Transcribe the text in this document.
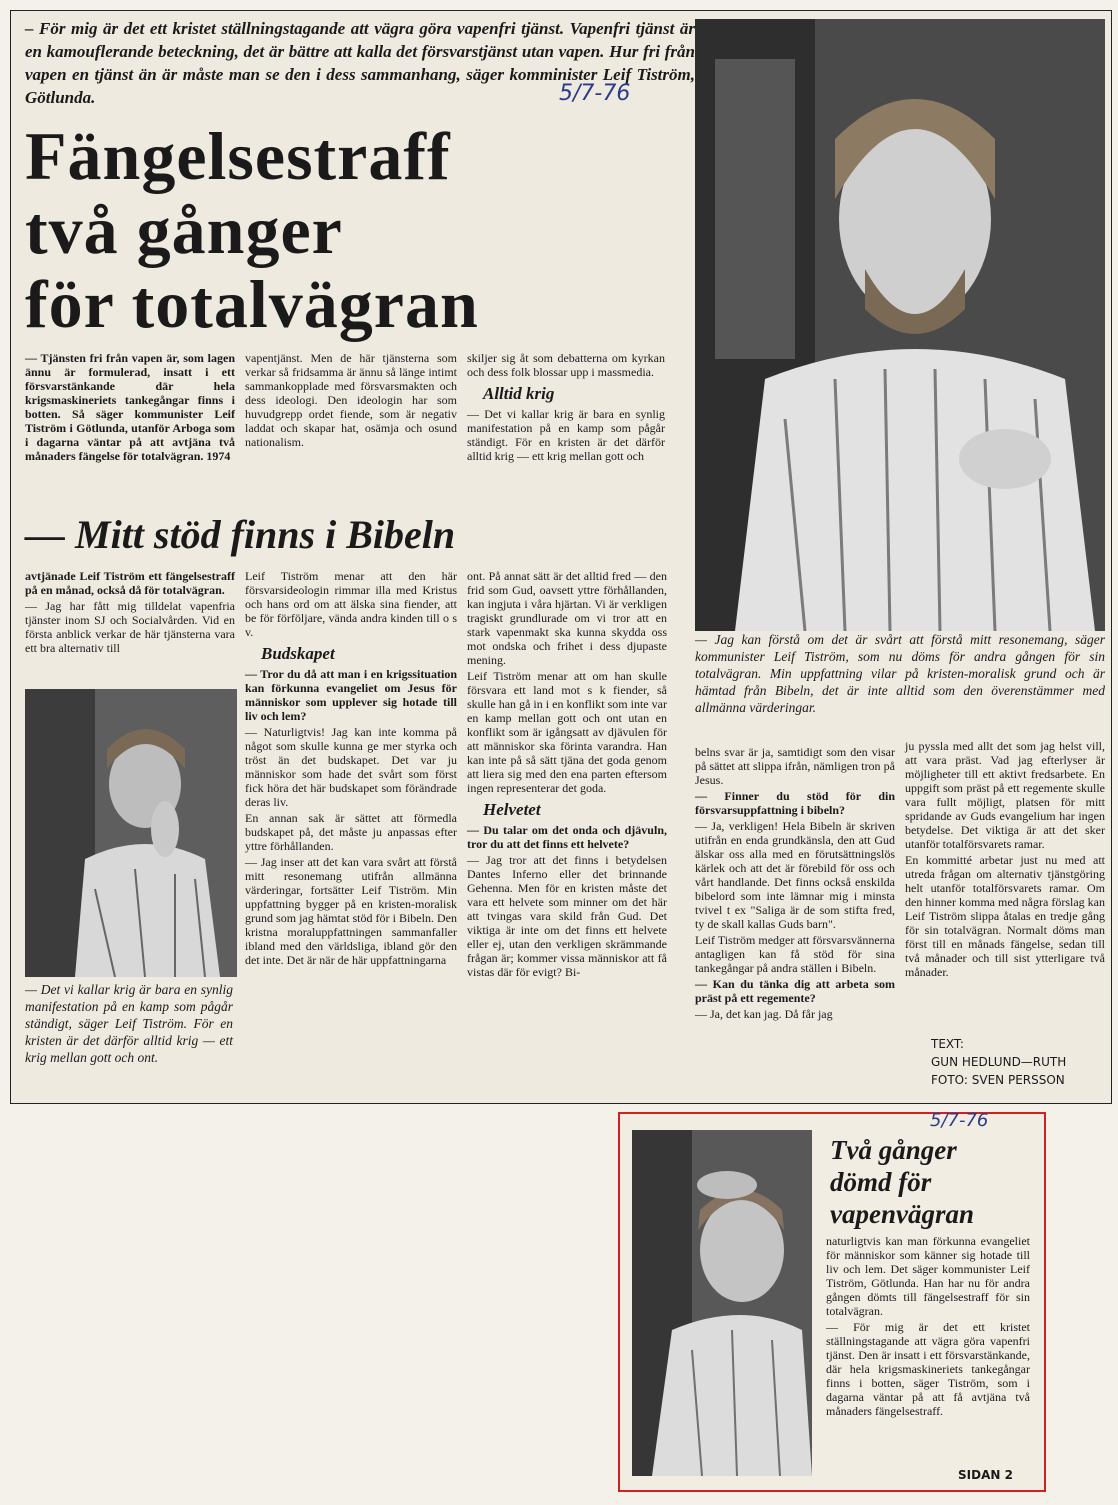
– För mig är det ett kristet ställningstagande att vägra göra vapenfri tjänst. Vapenfri tjänst är en kamouflerande beteckning, det är bättre att kalla det försvarstjänst utan vapen. Hur fri från vapen en tjänst än är måste man se den i dess sammanhang, säger komminister Leif Tiström, Götlunda.	5/7-76
Fängelsestraff
två gånger
för totalvägran

— Tjänsten fri från vapen är, som lagen ännu är formulerad, insatt i ett försvarstänkande där hela krigsmaskineriets tankegångar finns i botten. Så säger kommunister Leif Tiström i Götlunda, utanför Arboga som i dagarna väntar på att avtjäna två månaders fängelse för totalvägran. 1974

vapentjänst. Men de här tjänsterna som verkar så fridsamma är ännu så länge intimt sammankopplade med försvarsmakten och dess ideologi. Den ideologin har som huvudgrepp ordet fiende, som är negativ laddat och skapar hat, osämja och osund nationalism.

skiljer sig åt som debatterna om kyrkan och dess folk blossar upp i massmedia.

Alltid krig

— Det vi kallar krig är bara en synlig manifestation på en kamp som pågår ständigt. För en kristen är det därför alltid krig — ett krig mellan gott och

— Mitt stöd finns i Bibeln

avtjänade Leif Tiström ett fängelsestraff på en månad, också då för totalvägran.

— Jag har fått mig tilldelat vapenfria tjänster inom SJ och Socialvården. Vid en första anblick verkar de här tjänsterna vara ett bra alternativ till

— Det vi kallar krig är bara en synlig manifestation på en kamp som pågår ständigt, säger Leif Tiström. För en kristen är det därför alltid krig — ett krig mellan gott och ont.

Leif Tiström menar att den här försvarsideologin rimmar illa med Kristus och hans ord om att älska sina fiender, att be för förföljare, vända andra kinden till o s v.

Budskapet

— Tror du då att man i en krigssituation kan förkunna evangeliet om Jesus för människor som upplever sig hotade till liv och lem?

— Naturligtvis! Jag kan inte komma på något som skulle kunna ge mer styrka och tröst än det budskapet. Det var ju människor som hade det svårt som först fick höra det här budskapet som förändrade deras liv.

En annan sak är sättet att förmedla budskapet på, det måste ju anpassas efter yttre förhållanden.

— Jag inser att det kan vara svårt att förstå mitt resonemang utifrån allmänna värderingar, fortsätter Leif Tiström. Min uppfattning bygger på en kristen-moralisk grund som jag hämtat stöd för i Bibeln. Den kristna moraluppfattningen sammanfaller ibland med den världsliga, ibland gör den det inte. Det är när de här uppfattningarna

ont. På annat sätt är det alltid fred — den frid som Gud, oavsett yttre förhållanden, kan ingjuta i våra hjärtan. Vi är verkligen tragiskt grundlurade om vi tror att en stark vapenmakt ska kunna skydda oss mot ondska och frihet i dess djupaste mening.

Leif Tiström menar att om han skulle försvara ett land mot s k fiender, så skulle han gå in i en konflikt som inte var en kamp mellan gott och ont utan en konflikt som är igångsatt av djävulen för att människor ska förinta varandra. Han kan inte på så sätt tjäna det goda genom att liera sig med den ena parten eftersom ingen representerar det goda.

Helvetet

— Du talar om det onda och djävuln, tror du att det finns ett helvete?

— Jag tror att det finns i betydelsen Dantes Inferno eller det brinnande Gehenna. Men för en kristen måste det vara ett helvete som minner om det här att tvingas vara skild från Gud. Det viktiga är inte om det finns ett helvete eller ej, utan den verkligen skrämmande frågan är; kommer vissa människor att få vistas där för evigt? Bi-

— Jag kan förstå om det är svårt att förstå mitt resonemang, säger kommunister Leif Tiström, som nu döms för andra gången för sin totalvägran. Min uppfattning vilar på kristen-moralisk grund och är hämtad från Bibeln, det är inte alltid som den överenstämmer med allmänna värderingar.

belns svar är ja, samtidigt som den visar på sättet att slippa ifrån, nämligen tron på Jesus.

— Finner du stöd för din försvarsuppfattning i bibeln?

— Ja, verkligen! Hela Bibeln är skriven utifrån en enda grundkänsla, den att Gud älskar oss alla med en förutsättningslös kärlek och att det är förebild för oss och vårt handlande. Det finns också enskilda bibelord som inte lämnar mig i minsta tvivel t ex "Saliga är de som stifta fred, ty de skall kallas Guds barn".

Leif Tiström medger att försvarsvännerna antagligen kan få stöd för sina tankegångar på andra ställen i Bibeln.

— Kan du tänka dig att arbeta som präst på ett regemente?

— Ja, det kan jag. Då får jag

ju pyssla med allt det som jag helst vill, att vara präst. Vad jag efterlyser är möjligheter till ett aktivt fredsarbete. En uppgift som präst på ett regemente skulle vara fullt möjligt, platsen för mitt spridande av Guds evangelium har ingen betydelse. Det viktiga är att det sker utanför totalförsvarets ramar.

En kommitté arbetar just nu med att utreda frågan om alternativ tjänstgöring helt utanför totalförsvarets ramar. Om den hinner komma med några förslag kan Leif Tiström slippa åtalas en tredje gång för sin totalvägran. Normalt döms man först till en månads fängelse, sedan till två månader och till sist ytterligare två månader.

TEXT:
GUN HEDLUND—RUTH
FOTO: SVEN PERSSON
5/7-76
Två gånger
dömd för
vapenvägran

naturligtvis kan man förkunna evangeliet för människor som känner sig hotade till liv och lem. Det säger kommunister Leif Tiström, Götlunda. Han har nu för andra gången dömts till fängelsestraff för sin totalvägran.

— För mig är det ett kristet ställningstagande att vägra göra vapenfri tjänst. Den är insatt i ett försvarstänkande, där hela krigsmaskineriets tankegångar finns i botten, säger Tiström, som i dagarna väntar på att få avtjäna två månaders fängelsestraff.

SIDAN 2
